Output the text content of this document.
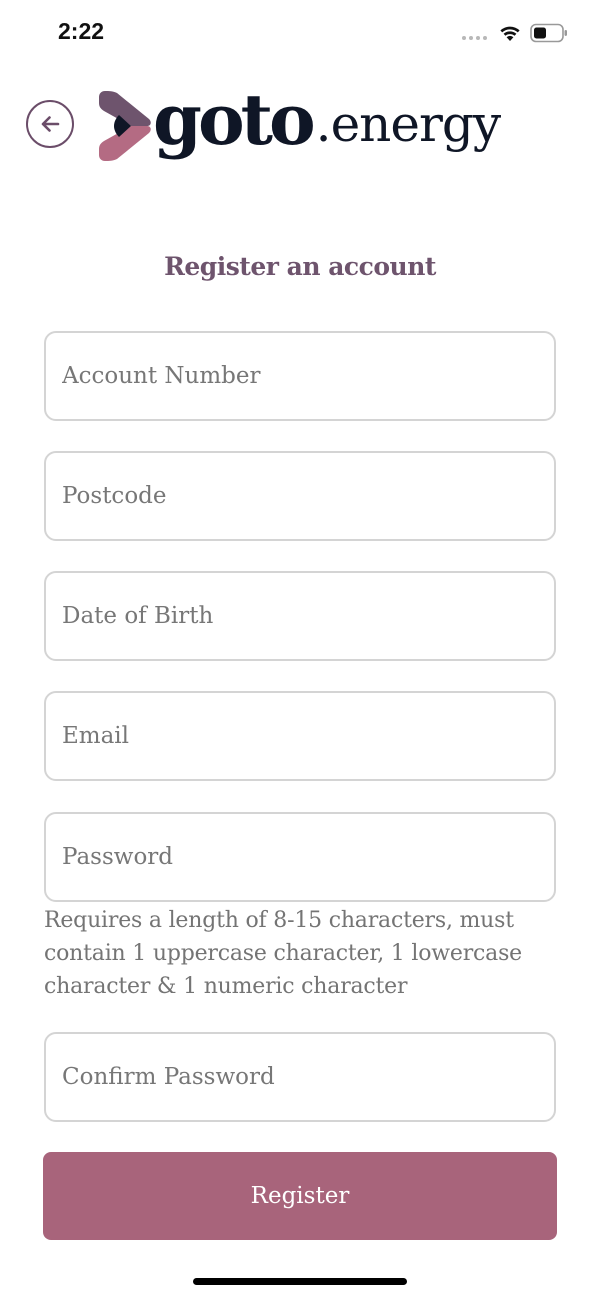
2:22
goto .energy
Register an account
Account Number
Postcode
Date of Birth
Email

Requires a length of 8-15 characters, must contain 1 uppercase character, 1 lowercase character & 1 numeric character

Register
